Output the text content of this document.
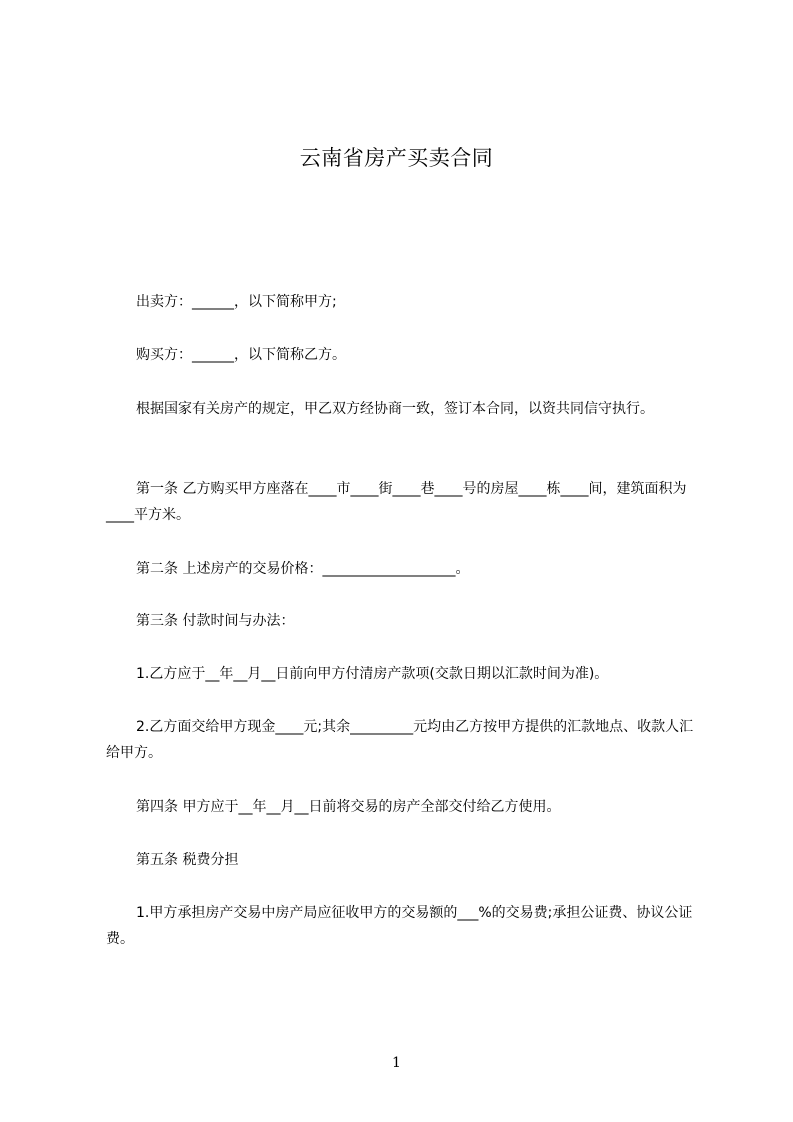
云南省房产买卖合同
出卖方：______，以下简称甲方;
购买方：______，以下简称乙方。
根据国家有关房产的规定，甲乙双方经协商一致，签订本合同，以资共同信守执行。
第一条 乙方购买甲方座落在____市____街____巷____号的房屋____栋____间，建筑面积为____平方米。
第二条 上述房产的交易价格：___________________。
第三条 付款时间与办法：
1.乙方应于__年__月__日前向甲方付清房产款项(交款日期以汇款时间为准)。
2.乙方面交给甲方现金____元;其余_________元均由乙方按甲方提供的汇款地点、收款人汇给甲方。
第四条 甲方应于__年__月__日前将交易的房产全部交付给乙方使用。
第五条 税费分担
1.甲方承担房产交易中房产局应征收甲方的交易额的___%的交易费;承担公证费、协议公证费。
1
